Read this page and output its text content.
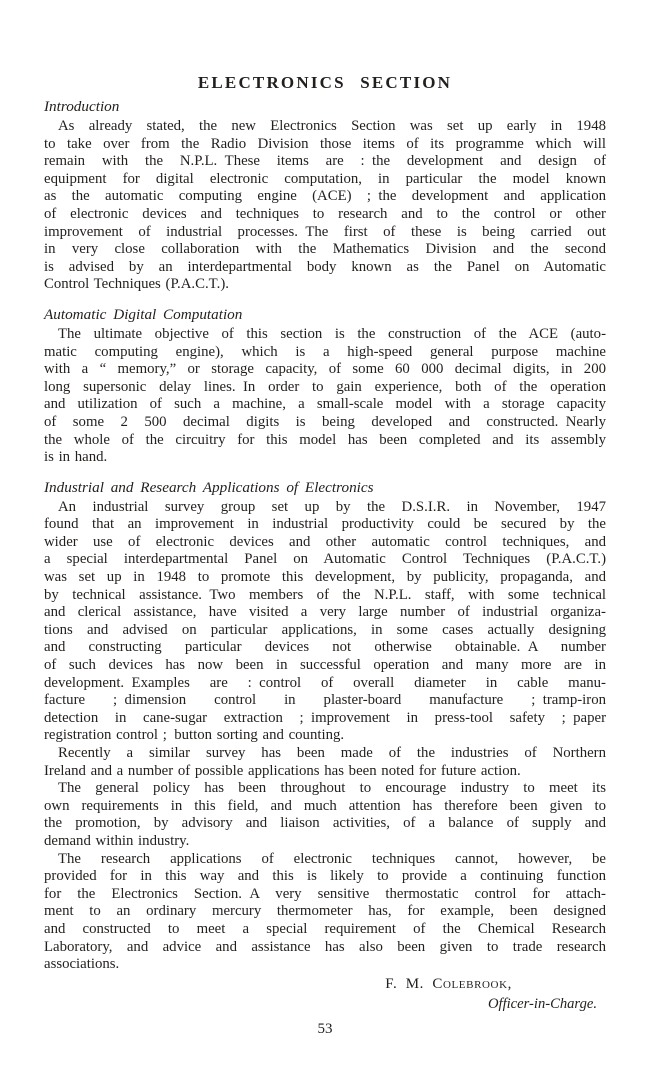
ELECTRONICS SECTION
Introduction
As already stated, the new Electronics Section was set up early in 1948
to take over from the Radio Division those items of its programme which will
remain with the N.P.L. These items are : the development and design of
equipment for digital electronic computation, in particular the model known
as the automatic computing engine (ACE) ; the development and application
of electronic devices and techniques to research and to the control or other
improvement of industrial processes. The first of these is being carried out
in very close collaboration with the Mathematics Division and the second
is advised by an interdepartmental body known as the Panel on Automatic
Control Techniques (P.A.C.T.).
Automatic Digital Computation
The ultimate objective of this section is the construction of the ACE (auto-
matic computing engine), which is a high-speed general purpose machine
with a “ memory,” or storage capacity, of some 60 000 decimal digits, in 200
long supersonic delay lines. In order to gain experience, both of the operation
and utilization of such a machine, a small-scale model with a storage capacity
of some 2 500 decimal digits is being developed and constructed. Nearly
the whole of the circuitry for this model has been completed and its assembly
is in hand.
Industrial and Research Applications of Electronics
An industrial survey group set up by the D.S.I.R. in November, 1947
found that an improvement in industrial productivity could be secured by the
wider use of electronic devices and other automatic control techniques, and
a special interdepartmental Panel on Automatic Control Techniques (P.A.C.T.)
was set up in 1948 to promote this development, by publicity, propaganda, and
by technical assistance. Two members of the N.P.L. staff, with some technical
and clerical assistance, have visited a very large number of industrial organiza-
tions and advised on particular applications, in some cases actually designing
and constructing particular devices not otherwise obtainable. A number
of such devices has now been in successful operation and many more are in
development. Examples are : control of overall diameter in cable manu-
facture ; dimension control in plaster-board manufacture ; tramp-iron
detection in cane-sugar extraction ; improvement in press-tool safety ; paper
registration control ; button sorting and counting.
Recently a similar survey has been made of the industries of Northern
Ireland and a number of possible applications has been noted for future action.
The general policy has been throughout to encourage industry to meet its
own requirements in this field, and much attention has therefore been given to
the promotion, by advisory and liaison activities, of a balance of supply and
demand within industry.
The research applications of electronic techniques cannot, however, be
provided for in this way and this is likely to provide a continuing function
for the Electronics Section. A very sensitive thermostatic control for attach-
ment to an ordinary mercury thermometer has, for example, been designed
and constructed to meet a special requirement of the Chemical Research
Laboratory, and advice and assistance has also been given to trade research
associations.
F. M. Colebrook,
Officer-in-Charge.
53
